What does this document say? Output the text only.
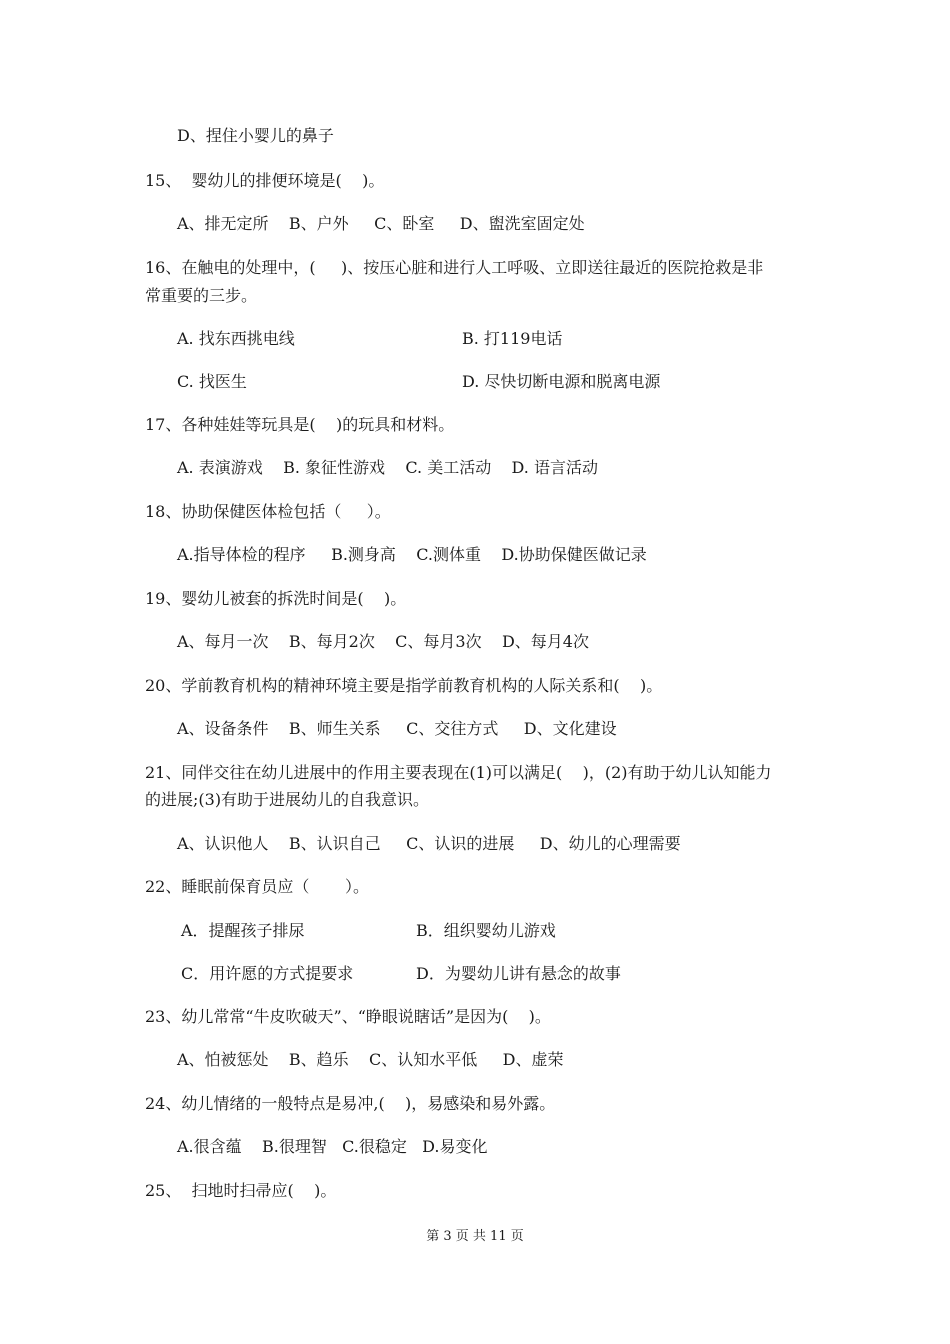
D、捏住小婴儿的鼻子
15、  婴幼儿的排便环境是(    )。
A、排无定所    B、户外     C、卧室     D、盥洗室固定处
16、在触电的处理中，(     )、按压心脏和进行人工呼吸、立即送往最近的医院抢救是非
常重要的三步。
A. 找东西挑电线	B. 打119电话
C. 找医生	D. 尽快切断电源和脱离电源
17、各种娃娃等玩具是(    )的玩具和材料。
A. 表演游戏    B. 象征性游戏    C. 美工活动    D. 语言活动
18、协助保健医体检包括（     ）。
A.指导体检的程序     B.测身高    C.测体重    D.协助保健医做记录
19、婴幼儿被套的拆洗时间是(    )。
A、每月一次    B、每月2次    C、每月3次    D、每月4次
20、学前教育机构的精神环境主要是指学前教育机构的人际关系和(    )。
A、设备条件    B、师生关系     C、交往方式     D、文化建设
21、同伴交往在幼儿进展中的作用主要表现在(1)可以满足(    )，(2)有助于幼儿认知能力
的进展;(3)有助于进展幼儿的自我意识。
A、认识他人    B、认识自己     C、认识的进展     D、幼儿的心理需要
22、睡眠前保育员应（       ）。
A．提醒孩子排尿	B．组织婴幼儿游戏
C．用许愿的方式提要求	D．为婴幼儿讲有悬念的故事
23、幼儿常常“牛皮吹破天”、“睁眼说瞎话”是因为(    )。
A、怕被惩处    B、趋乐    C、认知水平低     D、虚荣
24、幼儿情绪的一般特点是易冲,(    )，易感染和易外露。
A.很含蕴    B.很理智   C.很稳定   D.易变化
25、  扫地时扫帚应(    )。
第 3 页 共 11 页
